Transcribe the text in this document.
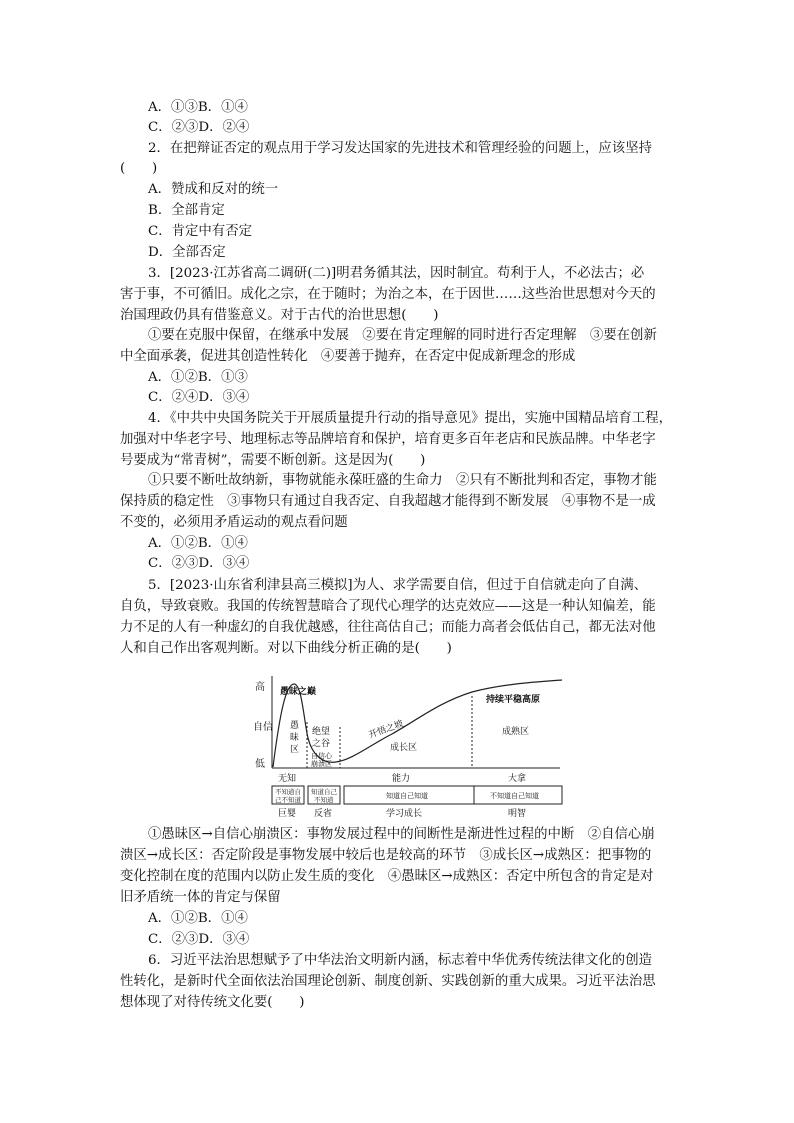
A．①③B．①④
C．②③D．②④
2．在把辩证否定的观点用于学习发达国家的先进技术和管理经验的问题上，应该坚持
(　　)
A．赞成和反对的统一
B．全部肯定
C．肯定中有否定
D．全部否定
3．[2023·江苏省高二调研(二)]明君务循其法，因时制宜。苟利于人，不必法古；必
害于事，不可循旧。成化之宗，在于随时；为治之本，在于因世……这些治世思想对今天的
治国理政仍具有借鉴意义。对于古代的治世思想(　　)
①要在克服中保留，在继承中发展　②要在肯定理解的同时进行否定理解　③要在创新
中全面承袭，促进其创造性转化　④要善于抛弃，在否定中促成新理念的形成
A．①②B．①③
C．②④D．③④
4．《中共中央国务院关于开展质量提升行动的指导意见》提出，实施中国精品培育工程，
加强对中华老字号、地理标志等品牌培育和保护，培育更多百年老店和民族品牌。中华老字
号要成为“常青树”，需要不断创新。这是因为(　　)
①只要不断吐故纳新，事物就能永葆旺盛的生命力　②只有不断批判和否定，事物才能
保持质的稳定性　③事物只有通过自我否定、自我超越才能得到不断发展　④事物不是一成
不变的，必须用矛盾运动的观点看问题
A．①②B．①④
C．②③D．③④
5．[2023·山东省利津县高三模拟]为人、求学需要自信，但过于自信就走向了自满、
自负，导致衰败。我国的传统智慧暗合了现代心理学的达克效应——这是一种认知偏差，能
力不足的人有一种虚幻的自我优越感，往往高估自己；而能力高者会低估自己，都无法对他
人和自己作出客观判断。对以下曲线分析正确的是(　　)
高
自信
低
愚昧之巅
愚
昧
区
绝望
之谷
自信心
崩溃区
开悟之坡
成长区
持续平稳高原
成熟区
无知	能力	大拿
不知道自
己不知道
知道自己
不知道	知道自己知道	不知道自己知道
巨婴 反省	学习成长	明智
①愚昧区→自信心崩溃区：事物发展过程中的间断性是渐进性过程的中断　②自信心崩
溃区→成长区：否定阶段是事物发展中较后也是较高的环节　③成长区→成熟区：把事物的
变化控制在度的范围内以防止发生质的变化　④愚昧区→成熟区：否定中所包含的肯定是对
旧矛盾统一体的肯定与保留
A．①②B．①④
C．②③D．③④
6．习近平法治思想赋予了中华法治文明新内涵，标志着中华优秀传统法律文化的创造
性转化，是新时代全面依法治国理论创新、制度创新、实践创新的重大成果。习近平法治思
想体现了对待传统文化要(　　)
